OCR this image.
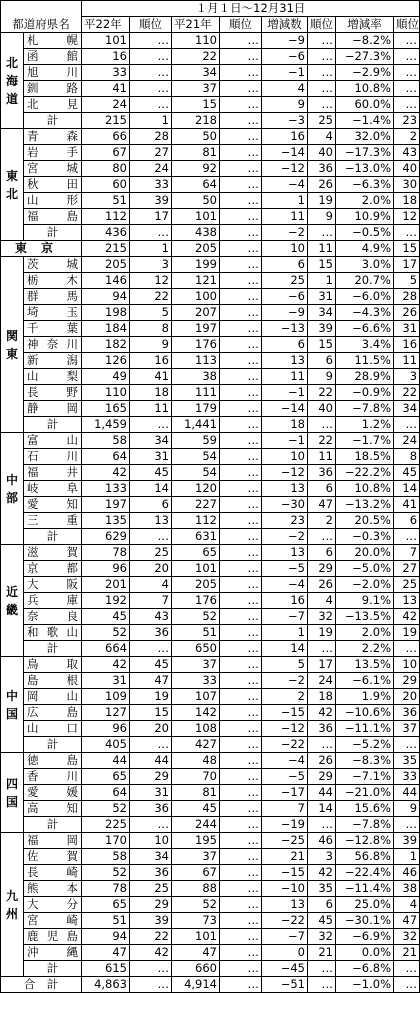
		１月１日～12月31日							
都道府県名		平22年	順位	平21年	順位	増減数	順位	増減率	順位

北海道	札　幌	101	…	110	…	−9	…	−8.2%	…
	函　館	16	…	22	…	−6	…	−27.3%	…
	旭　川	33	…	34	…	−1	…	−2.9%	…
	釧　路	41	…	37	…	4	…	10.8%	…
	北　見	24	…	15	…	9	…	60.0%	…
	計	215	1	218	…	−3	25	−1.4%	23

東北	青　森	66	28	50	…	16	4	32.0%	2
	岩　手	67	27	81	…	−14	40	−17.3%	43
	宮　城	80	24	92	…	−12	36	−13.0%	40
	秋　田	60	33	64	…	−4	26	−6.3%	30
	山　形	51	39	50	…	1	19	2.0%	18
	福　島	112	17	101	…	11	9	10.9%	12
	計	436	…	438	…	−2	…	−0.5%	…
東京		215	1	205	…	10	11	4.9%	15

関東	茨　城	205	3	199	…	6	15	3.0%	17
	栃　木	146	12	121	…	25	1	20.7%	5
	群　馬	94	22	100	…	−6	31	−6.0%	28
	埼　玉	198	5	207	…	−9	34	−4.3%	26
	千　葉	184	8	197	…	−13	39	−6.6%	31
	神奈川	182	9	176	…	6	15	3.4%	16
	新　潟	126	16	113	…	13	6	11.5%	11
	山　梨	49	41	38	…	11	9	28.9%	3
	長　野	110	18	111	…	−1	22	−0.9%	22
	静　岡	165	11	179	…	−14	40	−7.8%	34
	計	1,459	…	1,441	…	18	…	1.2%	…

中部	富　山	58	34	59	…	−1	22	−1.7%	24
	石　川	64	31	54	…	10	11	18.5%	8
	福　井	42	45	54	…	−12	36	−22.2%	45
	岐　阜	133	14	120	…	13	6	10.8%	14
	愛　知	197	6	227	…	−30	47	−13.2%	41
	三　重	135	13	112	…	23	2	20.5%	6
	計	629	…	631	…	−2	…	−0.3%	…

近畿	滋　賀	78	25	65	…	13	6	20.0%	7
	京　都	96	20	101	…	−5	29	−5.0%	27
	大　阪	201	4	205	…	−4	26	−2.0%	25
	兵　庫	192	7	176	…	16	4	9.1%	13
	奈　良	45	43	52	…	−7	32	−13.5%	42
	和歌山	52	36	51	…	1	19	2.0%	19
	計	664	…	650	…	14	…	2.2%	…

中国	鳥　取	42	45	37	…	5	17	13.5%	10
	島　根	31	47	33	…	−2	24	−6.1%	29
	岡　山	109	19	107	…	2	18	1.9%	20
	広　島	127	15	142	…	−15	42	−10.6%	36
	山　口	96	20	108	…	−12	36	−11.1%	37
	計	405	…	427	…	−22	…	−5.2%	…

四国	徳　島	44	44	48	…	−4	26	−8.3%	35
	香　川	65	29	70	…	−5	29	−7.1%	33
	愛　媛	64	31	81	…	−17	44	−21.0%	44
	高　知	52	36	45	…	7	14	15.6%	9
	計	225	…	244	…	−19	…	−7.8%	…

九州	福　岡	170	10	195	…	−25	46	−12.8%	39
	佐　賀	58	34	37	…	21	3	56.8%	1
	長　崎	52	36	67	…	−15	42	−22.4%	46
	熊　本	78	25	88	…	−10	35	−11.4%	38
	大　分	65	29	52	…	13	6	25.0%	4
	宮　崎	51	39	73	…	−22	45	−30.1%	47
	鹿児島	94	22	101	…	−7	32	−6.9%	32
	沖　縄	47	42	47	…	0	21	0.0%	21
	計	615	…	660	…	−45	…	−6.8%	…
合　計		4,863	…	4,914	…	−51	…	−1.0%	…
